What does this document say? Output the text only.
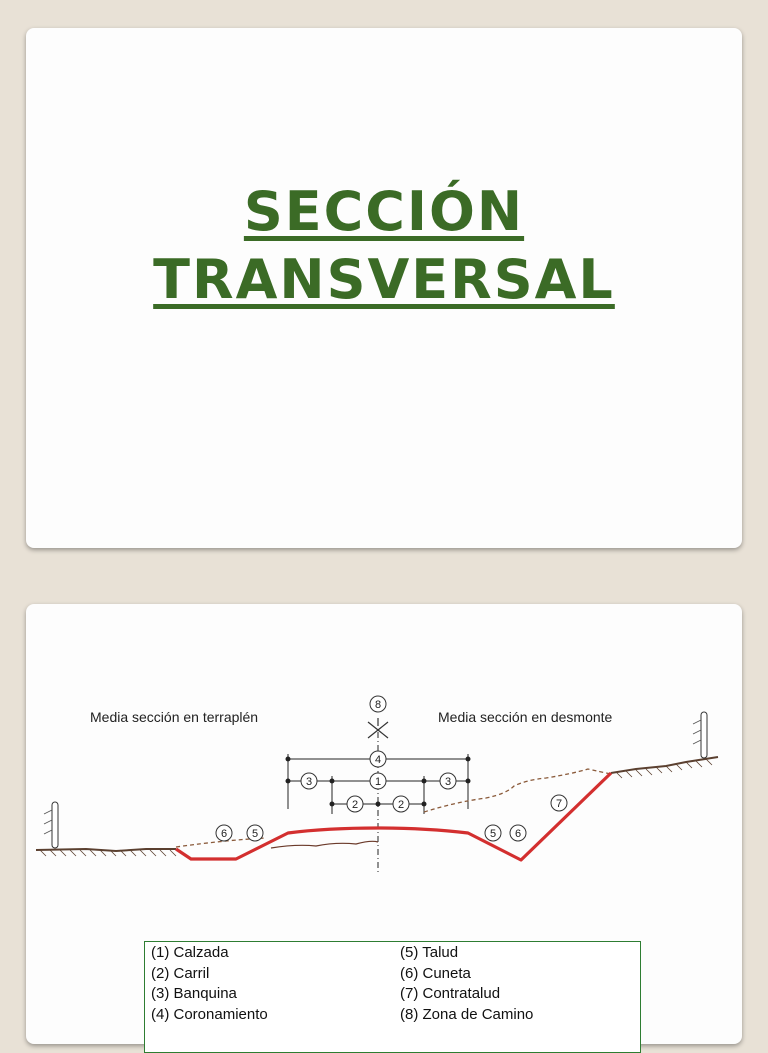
SECCIÓN
TRANSVERSAL
Media sección en terraplén	Media sección en desmonte
8
4
3	1	3
2	2
6 5	5 6
7
(1) Calzada
(2) Carril
(3) Banquina
(4) Coronamiento
(5) Talud
(6) Cuneta
(7) Contratalud
(8) Zona de Camino
